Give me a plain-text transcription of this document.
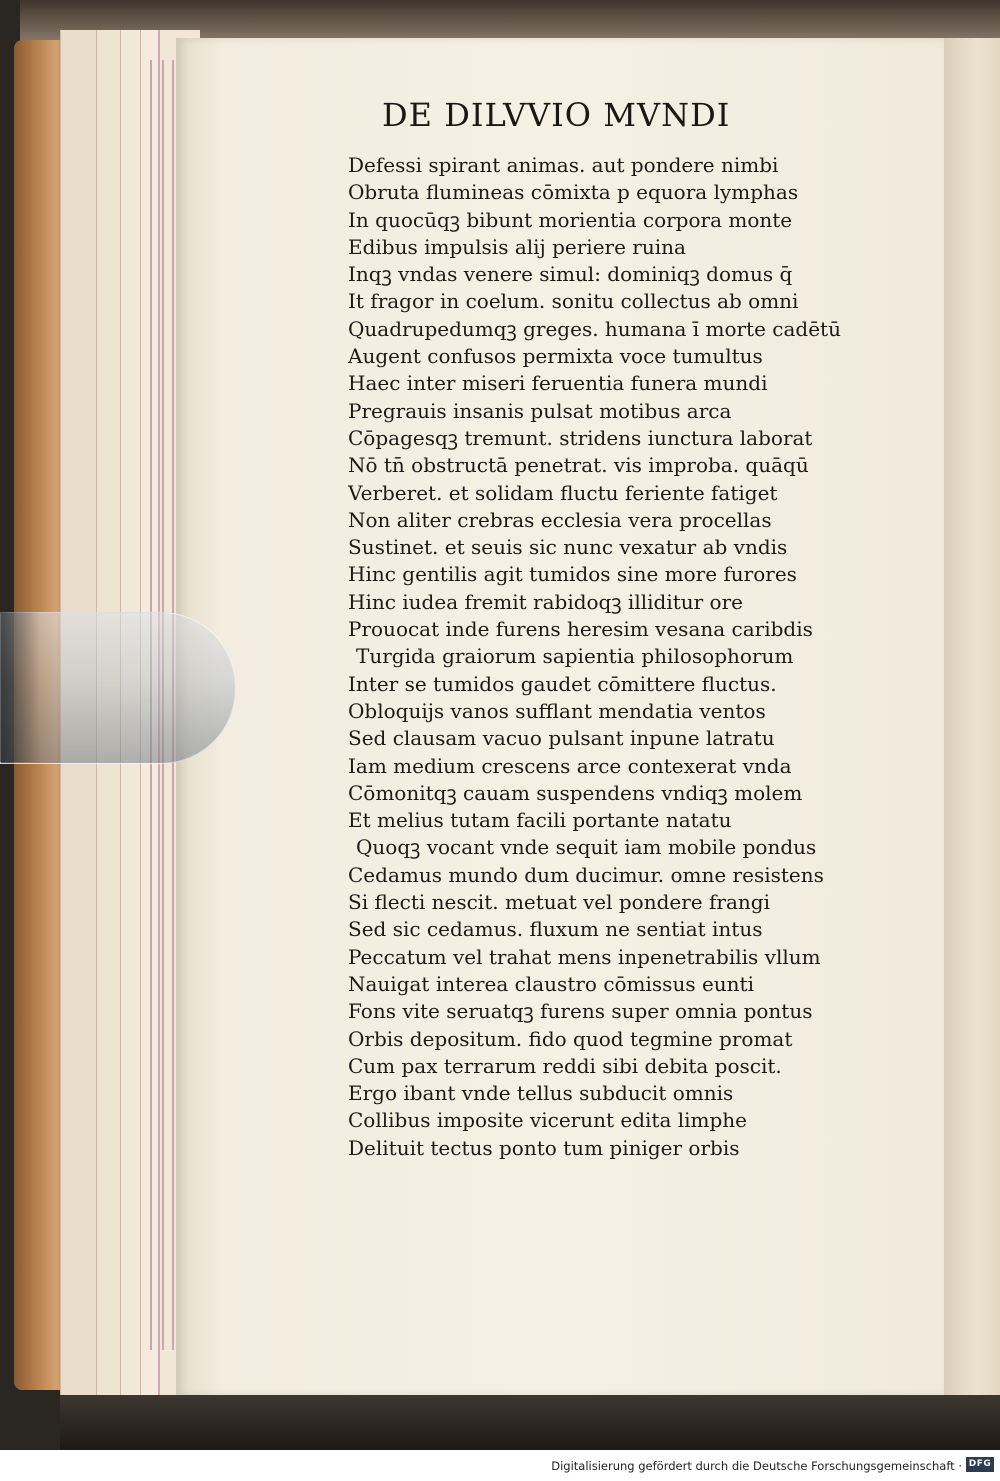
DE DILVVIO MVNDI
Defessi spirant animas. aut pondere nimbi
Obruta flumineas cōmixta p equora lymphas
In quocūqꝫ bibunt morientia corpora monte
Edibus impulsis alij periere ruina
Inqꝫ vndas venere simul: dominiqꝫ domus q̄
It fragor in coelum. sonitu collectus ab omni
Quadrupedumqꝫ greges. humana ī morte cadētū
Augent confusos permixta voce tumultus
Haec inter miseri feruentia funera mundi
Pregrauis insanis pulsat motibus arca
Cōpagesqꝫ tremunt. stridens iunctura laborat
Nō tn̄ obstructā penetrat. vis improba. quāqū
Verberet. et solidam fluctu feriente fatiget
Non aliter crebras ecclesia vera procellas
Sustinet. et seuis sic nunc vexatur ab vndis
Hinc gentilis agit tumidos sine more furores
Hinc iudea fremit rabidoqꝫ illiditur ore
Prouocat inde furens heresim vesana caribdis
Turgida graiorum sapientia philosophorum
Inter se tumidos gaudet cōmittere fluctus.
Obloquijs vanos sufflant mendatia ventos
Sed clausam vacuo pulsant inpune latratu
Iam medium crescens arce contexerat vnda
Cōmonitqꝫ cauam suspendens vndiqꝫ molem
Et melius tutam facili portante natatu
Quoqꝫ vocant vnde sequit iam mobile pondus
Cedamus mundo dum ducimur. omne resistens
Si flecti nescit. metuat vel pondere frangi
Sed sic cedamus. fluxum ne sentiat intus
Peccatum vel trahat mens inpenetrabilis vllum
Nauigat interea claustro cōmissus eunti
Fons vite seruatqꝫ furens super omnia pontus
Orbis depositum. fido quod tegmine promat
Cum pax terrarum reddi sibi debita poscit.
Ergo ibant vnde tellus subducit omnis
Collibus imposite vicerunt edita limphe
Delituit tectus ponto tum piniger orbis
Digitalisierung gefördert durch die Deutsche Forschungsgemeinschaft · DFG
